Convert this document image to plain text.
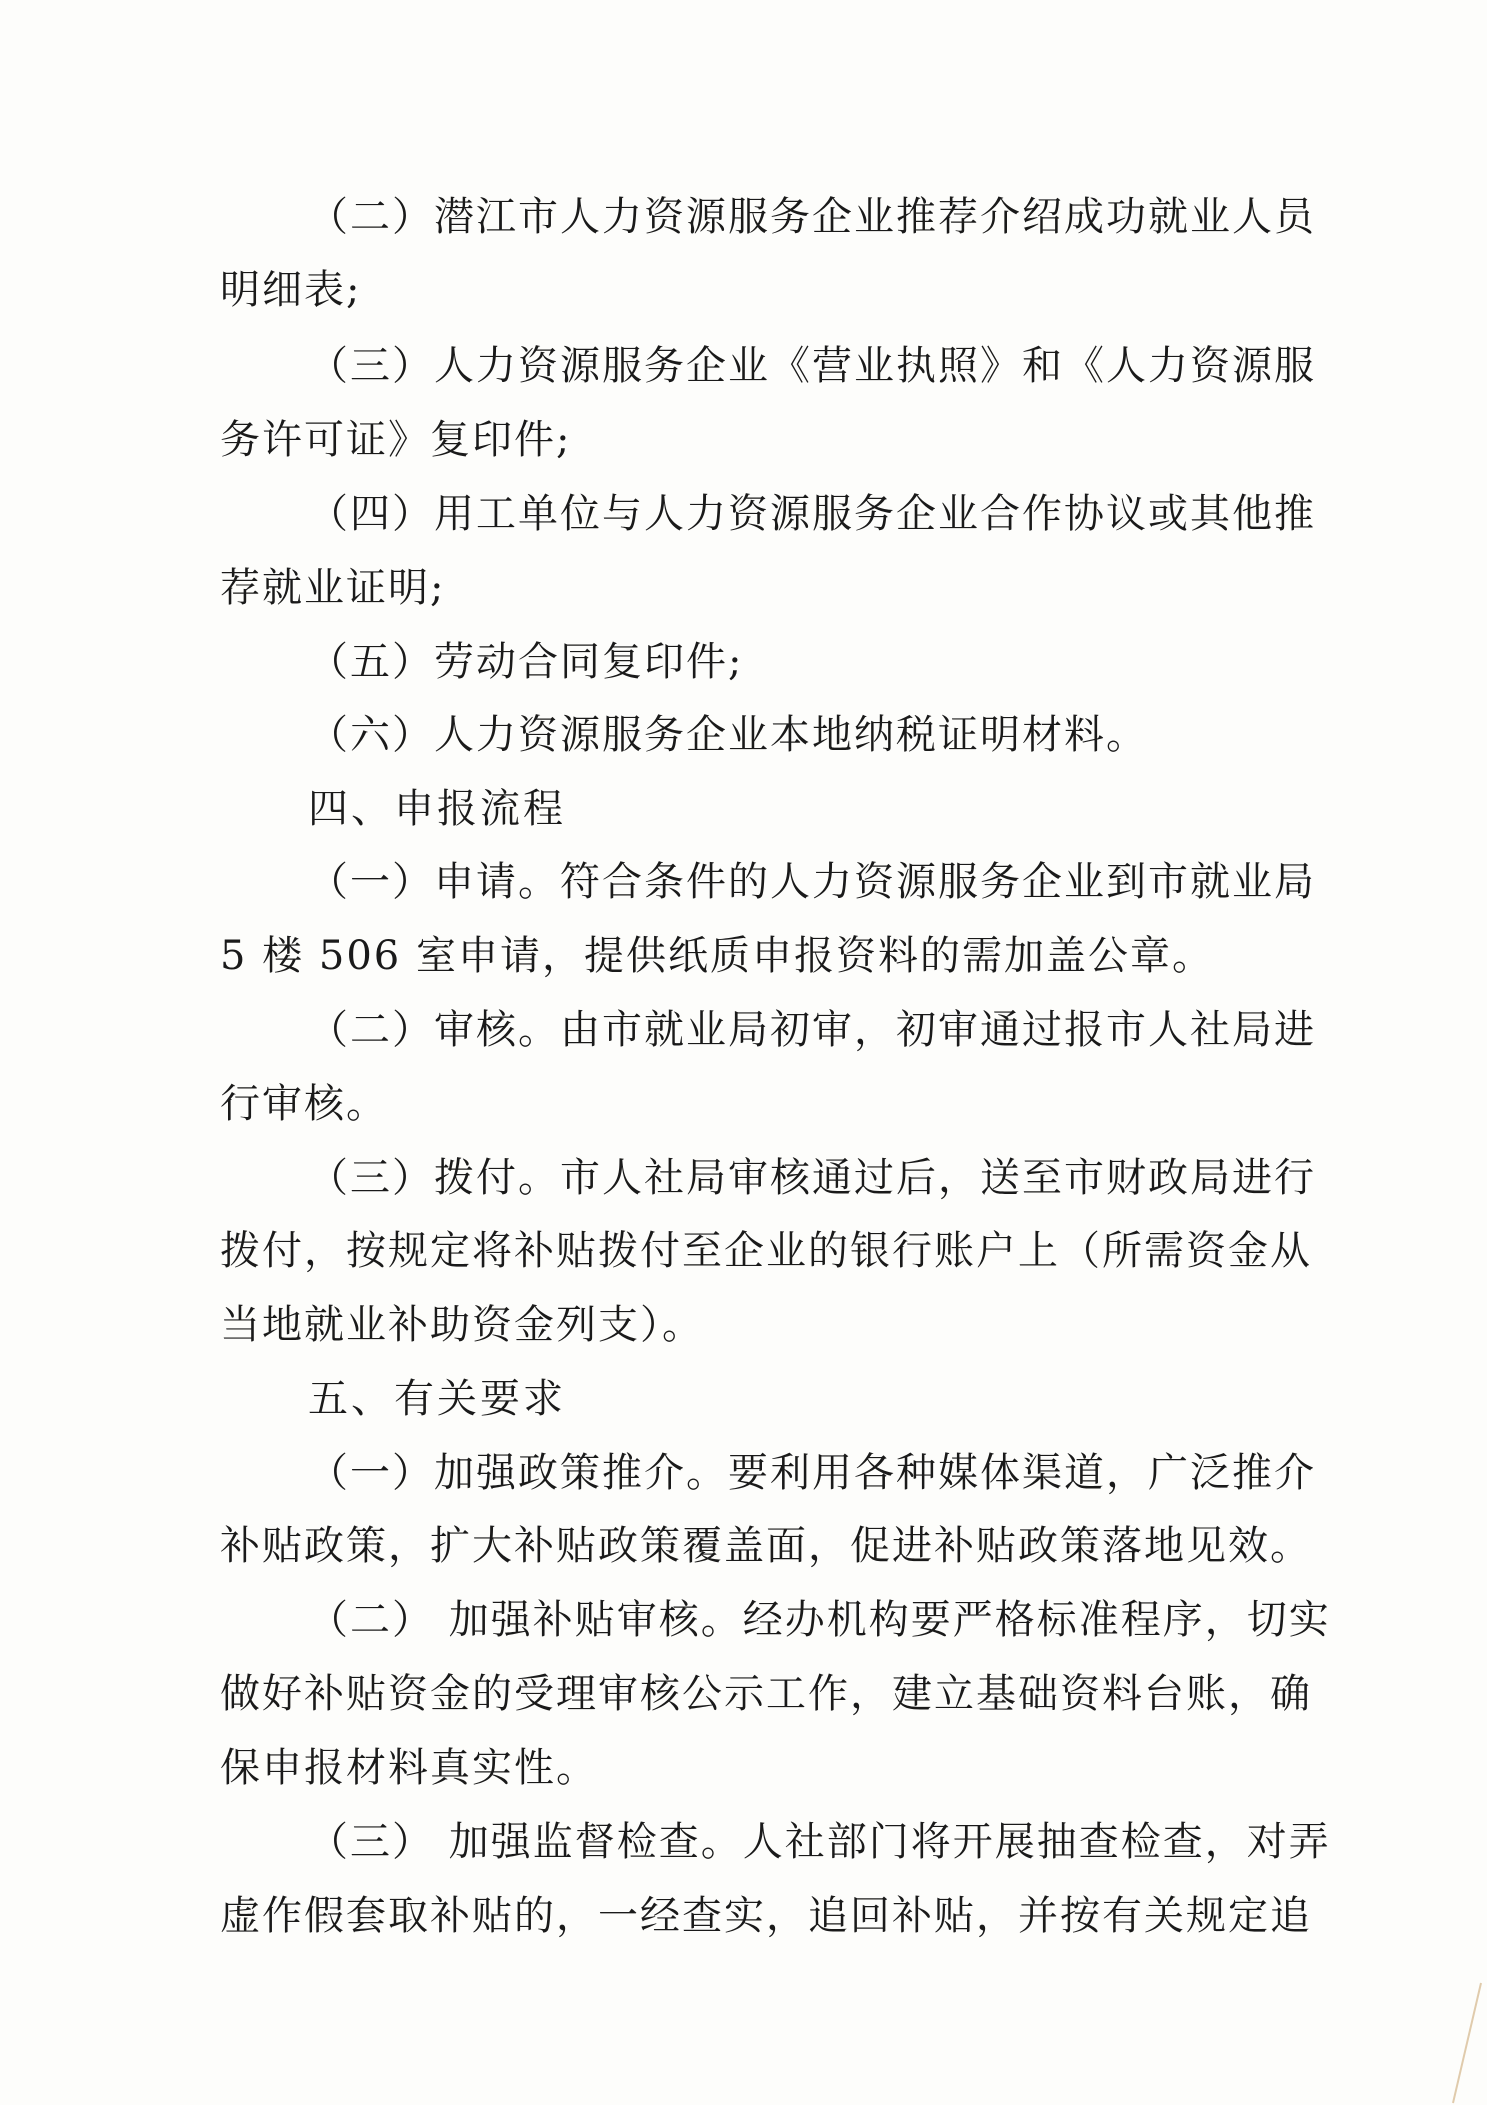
（二）潜江市人力资源服务企业推荐介绍成功就业人员
明细表;
（三）人力资源服务企业《营业执照》和《人力资源服
务许可证》复印件;
（四）用工单位与人力资源服务企业合作协议或其他推
荐就业证明;
（五）劳动合同复印件;
（六）人力资源服务企业本地纳税证明材料。
四、申报流程
（一）申请。符合条件的人力资源服务企业到市就业局
5 楼 506 室申请，提供纸质申报资料的需加盖公章。
（二）审核。由市就业局初审，初审通过报市人社局进
行审核。
（三）拨付。市人社局审核通过后，送至市财政局进行
拨付，按规定将补贴拨付至企业的银行账户上（所需资金从
当地就业补助资金列支）。
五、有关要求
（一）加强政策推介。要利用各种媒体渠道，广泛推介
补贴政策，扩大补贴政策覆盖面，促进补贴政策落地见效。
（二） 加强补贴审核。经办机构要严格标准程序，切实
做好补贴资金的受理审核公示工作，建立基础资料台账，确
保申报材料真实性。
（三） 加强监督检查。人社部门将开展抽查检查，对弄
虚作假套取补贴的，一经查实，追回补贴，并按有关规定追
